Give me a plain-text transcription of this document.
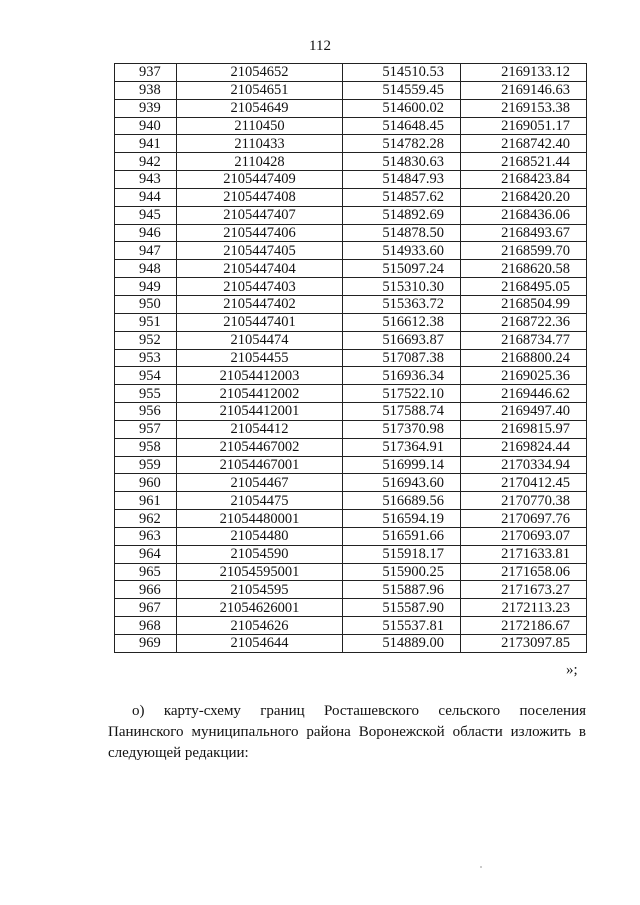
112
937	21054652	514510.53	2169133.12
938	21054651	514559.45	2169146.63
939	21054649	514600.02	2169153.38
940	2110450	514648.45	2169051.17
941	2110433	514782.28	2168742.40
942	2110428	514830.63	2168521.44
943	2105447409	514847.93	2168423.84
944	2105447408	514857.62	2168420.20
945	2105447407	514892.69	2168436.06
946	2105447406	514878.50	2168493.67
947	2105447405	514933.60	2168599.70
948	2105447404	515097.24	2168620.58
949	2105447403	515310.30	2168495.05
950	2105447402	515363.72	2168504.99
951	2105447401	516612.38	2168722.36
952	21054474	516693.87	2168734.77
953	21054455	517087.38	2168800.24
954	21054412003	516936.34	2169025.36
955	21054412002	517522.10	2169446.62
956	21054412001	517588.74	2169497.40
957	21054412	517370.98	2169815.97
958	21054467002	517364.91	2169824.44
959	21054467001	516999.14	2170334.94
960	21054467	516943.60	2170412.45
961	21054475	516689.56	2170770.38
962	21054480001	516594.19	2170697.76
963	21054480	516591.66	2170693.07
964	21054590	515918.17	2171633.81
965	21054595001	515900.25	2171658.06
966	21054595	515887.96	2171673.27
967	21054626001	515587.90	2172113.23
968	21054626	515537.81	2172186.67
969	21054644	514889.00	2173097.85
»;
о) карту-схему границ Росташевского сельского поселения Панинского муниципального района Воронежской области изложить в следующей редакции:
